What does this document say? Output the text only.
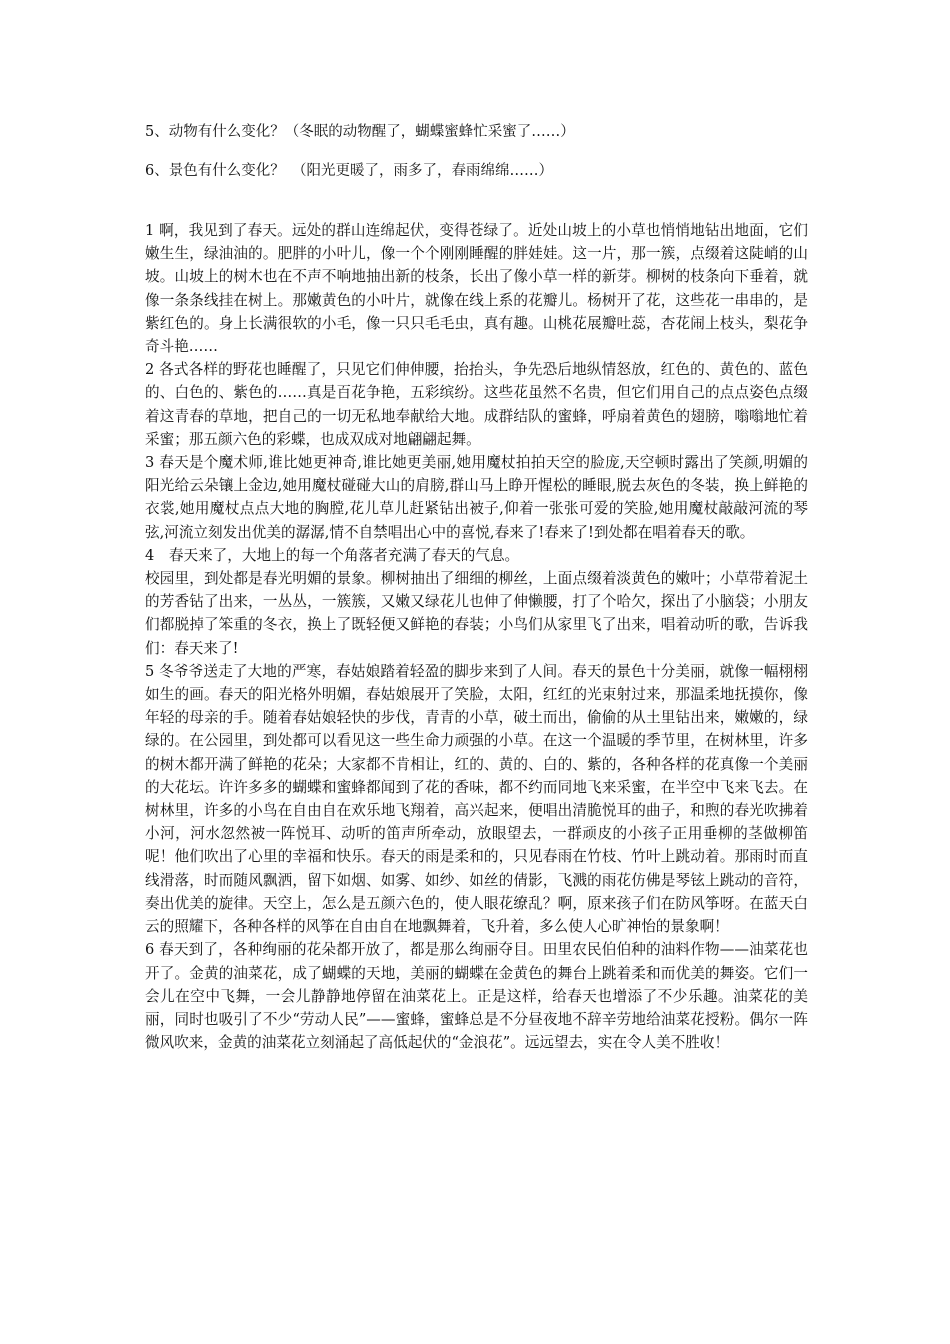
5、动物有什么变化？（冬眠的动物醒了，蝴蝶蜜蜂忙采蜜了……）
6、景色有什么变化？　（阳光更暖了，雨多了，春雨绵绵……）

1 啊，我见到了春天。远处的群山连绵起伏，变得苍绿了。近处山坡上的小草也悄悄地钻出地面，它们嫩生生，绿油油的。肥胖的小叶儿，像一个个刚刚睡醒的胖娃娃。这一片，那一簇，点缀着这陡峭的山坡。山坡上的树木也在不声不响地抽出新的枝条，长出了像小草一样的新芽。柳树的枝条向下垂着，就像一条条线挂在树上。那嫩黄色的小叶片，就像在线上系的花瓣儿。杨树开了花，这些花一串串的，是紫红色的。身上长满很软的小毛，像一只只毛毛虫，真有趣。山桃花展瓣吐蕊，杏花闹上枝头，梨花争奇斗艳……

2 各式各样的野花也睡醒了，只见它们伸伸腰，抬抬头，争先恐后地纵情怒放，红色的、黄色的、蓝色的、白色的、紫色的……真是百花争艳，五彩缤纷。这些花虽然不名贵，但它们用自己的点点姿色点缀着这青春的草地，把自己的一切无私地奉献给大地。成群结队的蜜蜂，呼扇着黄色的翅膀，嗡嗡地忙着采蜜；那五颜六色的彩蝶，也成双成对地翩翩起舞。

3 春天是个魔术师,谁比她更神奇,谁比她更美丽,她用魔杖拍拍天空的脸庞,天空顿时露出了笑颜,明媚的阳光给云朵镶上金边,她用魔杖碰碰大山的肩膀,群山马上睁开惺松的睡眼,脱去灰色的冬装，换上鲜艳的衣裳,她用魔杖点点大地的胸膛,花儿草儿赶紧钻出被子,仰着一张张可爱的笑脸,她用魔杖敲敲河流的琴弦,河流立刻发出优美的潺潺,情不自禁唱出心中的喜悦,春来了!春来了!到处都在唱着春天的歌。

4　春天来了，大地上的每一个角落者充满了春天的气息。

校园里，到处都是春光明媚的景象。柳树抽出了细细的柳丝，上面点缀着淡黄色的嫩叶；小草带着泥土的芳香钻了出来，一丛丛，一簇簇，又嫩又绿花儿也伸了伸懒腰，打了个哈欠，探出了小脑袋；小朋友们都脱掉了笨重的冬衣，换上了既轻便又鲜艳的春装；小鸟们从家里飞了出来，唱着动听的歌，告诉我们：春天来了!

5 冬爷爷送走了大地的严寒，春姑娘踏着轻盈的脚步来到了人间。春天的景色十分美丽，就像一幅栩栩如生的画。春天的阳光格外明媚，春姑娘展开了笑脸，太阳，红红的光束射过来，那温柔地抚摸你，像年轻的母亲的手。随着春姑娘轻快的步伐，青青的小草，破土而出，偷偷的从土里钻出来，嫩嫩的，绿绿的。在公园里，到处都可以看见这一些生命力顽强的小草。在这一个温暖的季节里，在树林里，许多的树木都开满了鲜艳的花朵；大家都不肯相让，红的、黄的、白的、紫的，各种各样的花真像一个美丽的大花坛。许许多多的蝴蝶和蜜蜂都闻到了花的香味，都不约而同地飞来采蜜，在半空中飞来飞去。在树林里，许多的小鸟在自由自在欢乐地飞翔着，高兴起来，便唱出清脆悦耳的曲子，和煦的春光吹拂着小河，河水忽然被一阵悦耳、动听的笛声所牵动，放眼望去，一群顽皮的小孩子正用垂柳的茎做柳笛呢！他们吹出了心里的幸福和快乐。春天的雨是柔和的，只见春雨在竹枝、竹叶上跳动着。那雨时而直线滑落，时而随风飘洒，留下如烟、如雾、如纱、如丝的倩影，飞溅的雨花仿佛是琴铉上跳动的音符，奏出优美的旋律。天空上，怎么是五颜六色的，使人眼花缭乱？啊，原来孩子们在防风筝呀。在蓝天白云的照耀下，各种各样的风筝在自由自在地飘舞着，飞升着，多么使人心旷神怡的景象啊！

6 春天到了，各种绚丽的花朵都开放了，都是那么绚丽夺目。田里农民伯伯种的油料作物——油菜花也开了。金黄的油菜花，成了蝴蝶的天地，美丽的蝴蝶在金黄色的舞台上跳着柔和而优美的舞姿。它们一会儿在空中飞舞，一会儿静静地停留在油菜花上。正是这样，给春天也增添了不少乐趣。油菜花的美丽，同时也吸引了不少“劳动人民”——蜜蜂，蜜蜂总是不分昼夜地不辞辛劳地给油菜花授粉。偶尔一阵微风吹来，金黄的油菜花立刻涌起了高低起伏的“金浪花”。远远望去，实在令人美不胜收！
